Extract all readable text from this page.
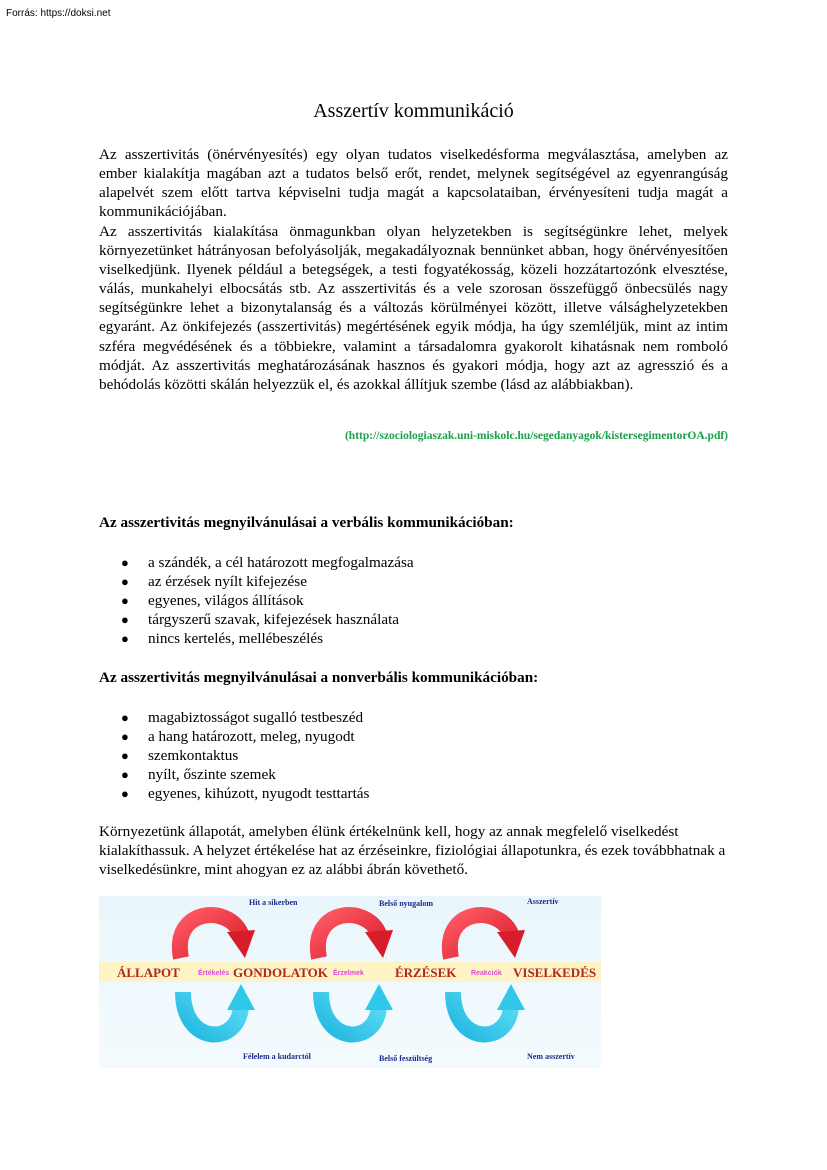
Forrás: https://doksi.net
Asszertív kommunikáció

Az asszertivitás (önérvényesítés) egy olyan tudatos viselkedésforma megválasztása, amelyben az ember kialakítja magában azt a tudatos belső erőt, rendet, melynek segítségével az egyenrangúság alapelvét szem előtt tartva képviselni tudja magát a kapcsolataiban, érvényesíteni tudja magát a kommunikációjában.

Az asszertivitás kialakítása önmagunkban olyan helyzetekben is segítségünkre lehet, melyek környezetünket hátrányosan befolyásolják, megakadályoznak bennünket abban, hogy önérvényesítően viselkedjünk. Ilyenek például a betegségek, a testi fogyatékosság, közeli hozzátartozónk elvesztése, válás, munkahelyi elbocsátás stb. Az asszertivitás és a vele szorosan összefüggő önbecsülés nagy segítségünkre lehet a bizonytalanság és a változás körülményei között, illetve válsághelyzetekben egyaránt. Az önkifejezés (asszertivitás) megértésének egyik módja, ha úgy szemléljük, mint az intim szféra megvédésének és a többiekre, valamint a társadalomra gyakorolt kihatásnak nem romboló módját. Az asszertivitás meghatározásának hasznos és gyakori módja, hogy azt az agresszió és a behódolás közötti skálán helyezzük el, és azokkal állítjuk szembe (lásd az alábbiakban).

(http://szociologiaszak.uni-miskolc.hu/segedanyagok/kistersegimentorOA.pdf)

Az asszertivitás megnyilvánulásai a verbális kommunikációban:

● a szándék, a cél határozott megfogalmazása
● az érzések nyílt kifejezése
● egyenes, világos állítások
● tárgyszerű szavak, kifejezések használata
● nincs kertelés, mellébeszélés

Az asszertivitás megnyilvánulásai a nonverbális kommunikációban:

● magabiztosságot sugalló testbeszéd
● a hang határozott, meleg, nyugodt
● szemkontaktus
● nyílt, őszinte szemek
● egyenes, kihúzott, nyugodt testtartás

Környezetünk állapotát, amelyben élünk értékelnünk kell, hogy az annak megfelelő viselkedést kialakíthassuk. A helyzet értékelése hat az érzéseinkre, fiziológiai állapotunkra, és ezek továbbhatnak a viselkedésünkre, mint ahogyan ez az alábbi ábrán követhető.

ÁLLAPOT	GONDOLATOK	ÉRZÉSEK	VISELKEDÉS
Értékelés	Érzelmek	Reakciók
Hit a sikerben	Belső nyugalom	Asszertív
Félelem a kudarctól	Belső feszültség	Nem asszertív
